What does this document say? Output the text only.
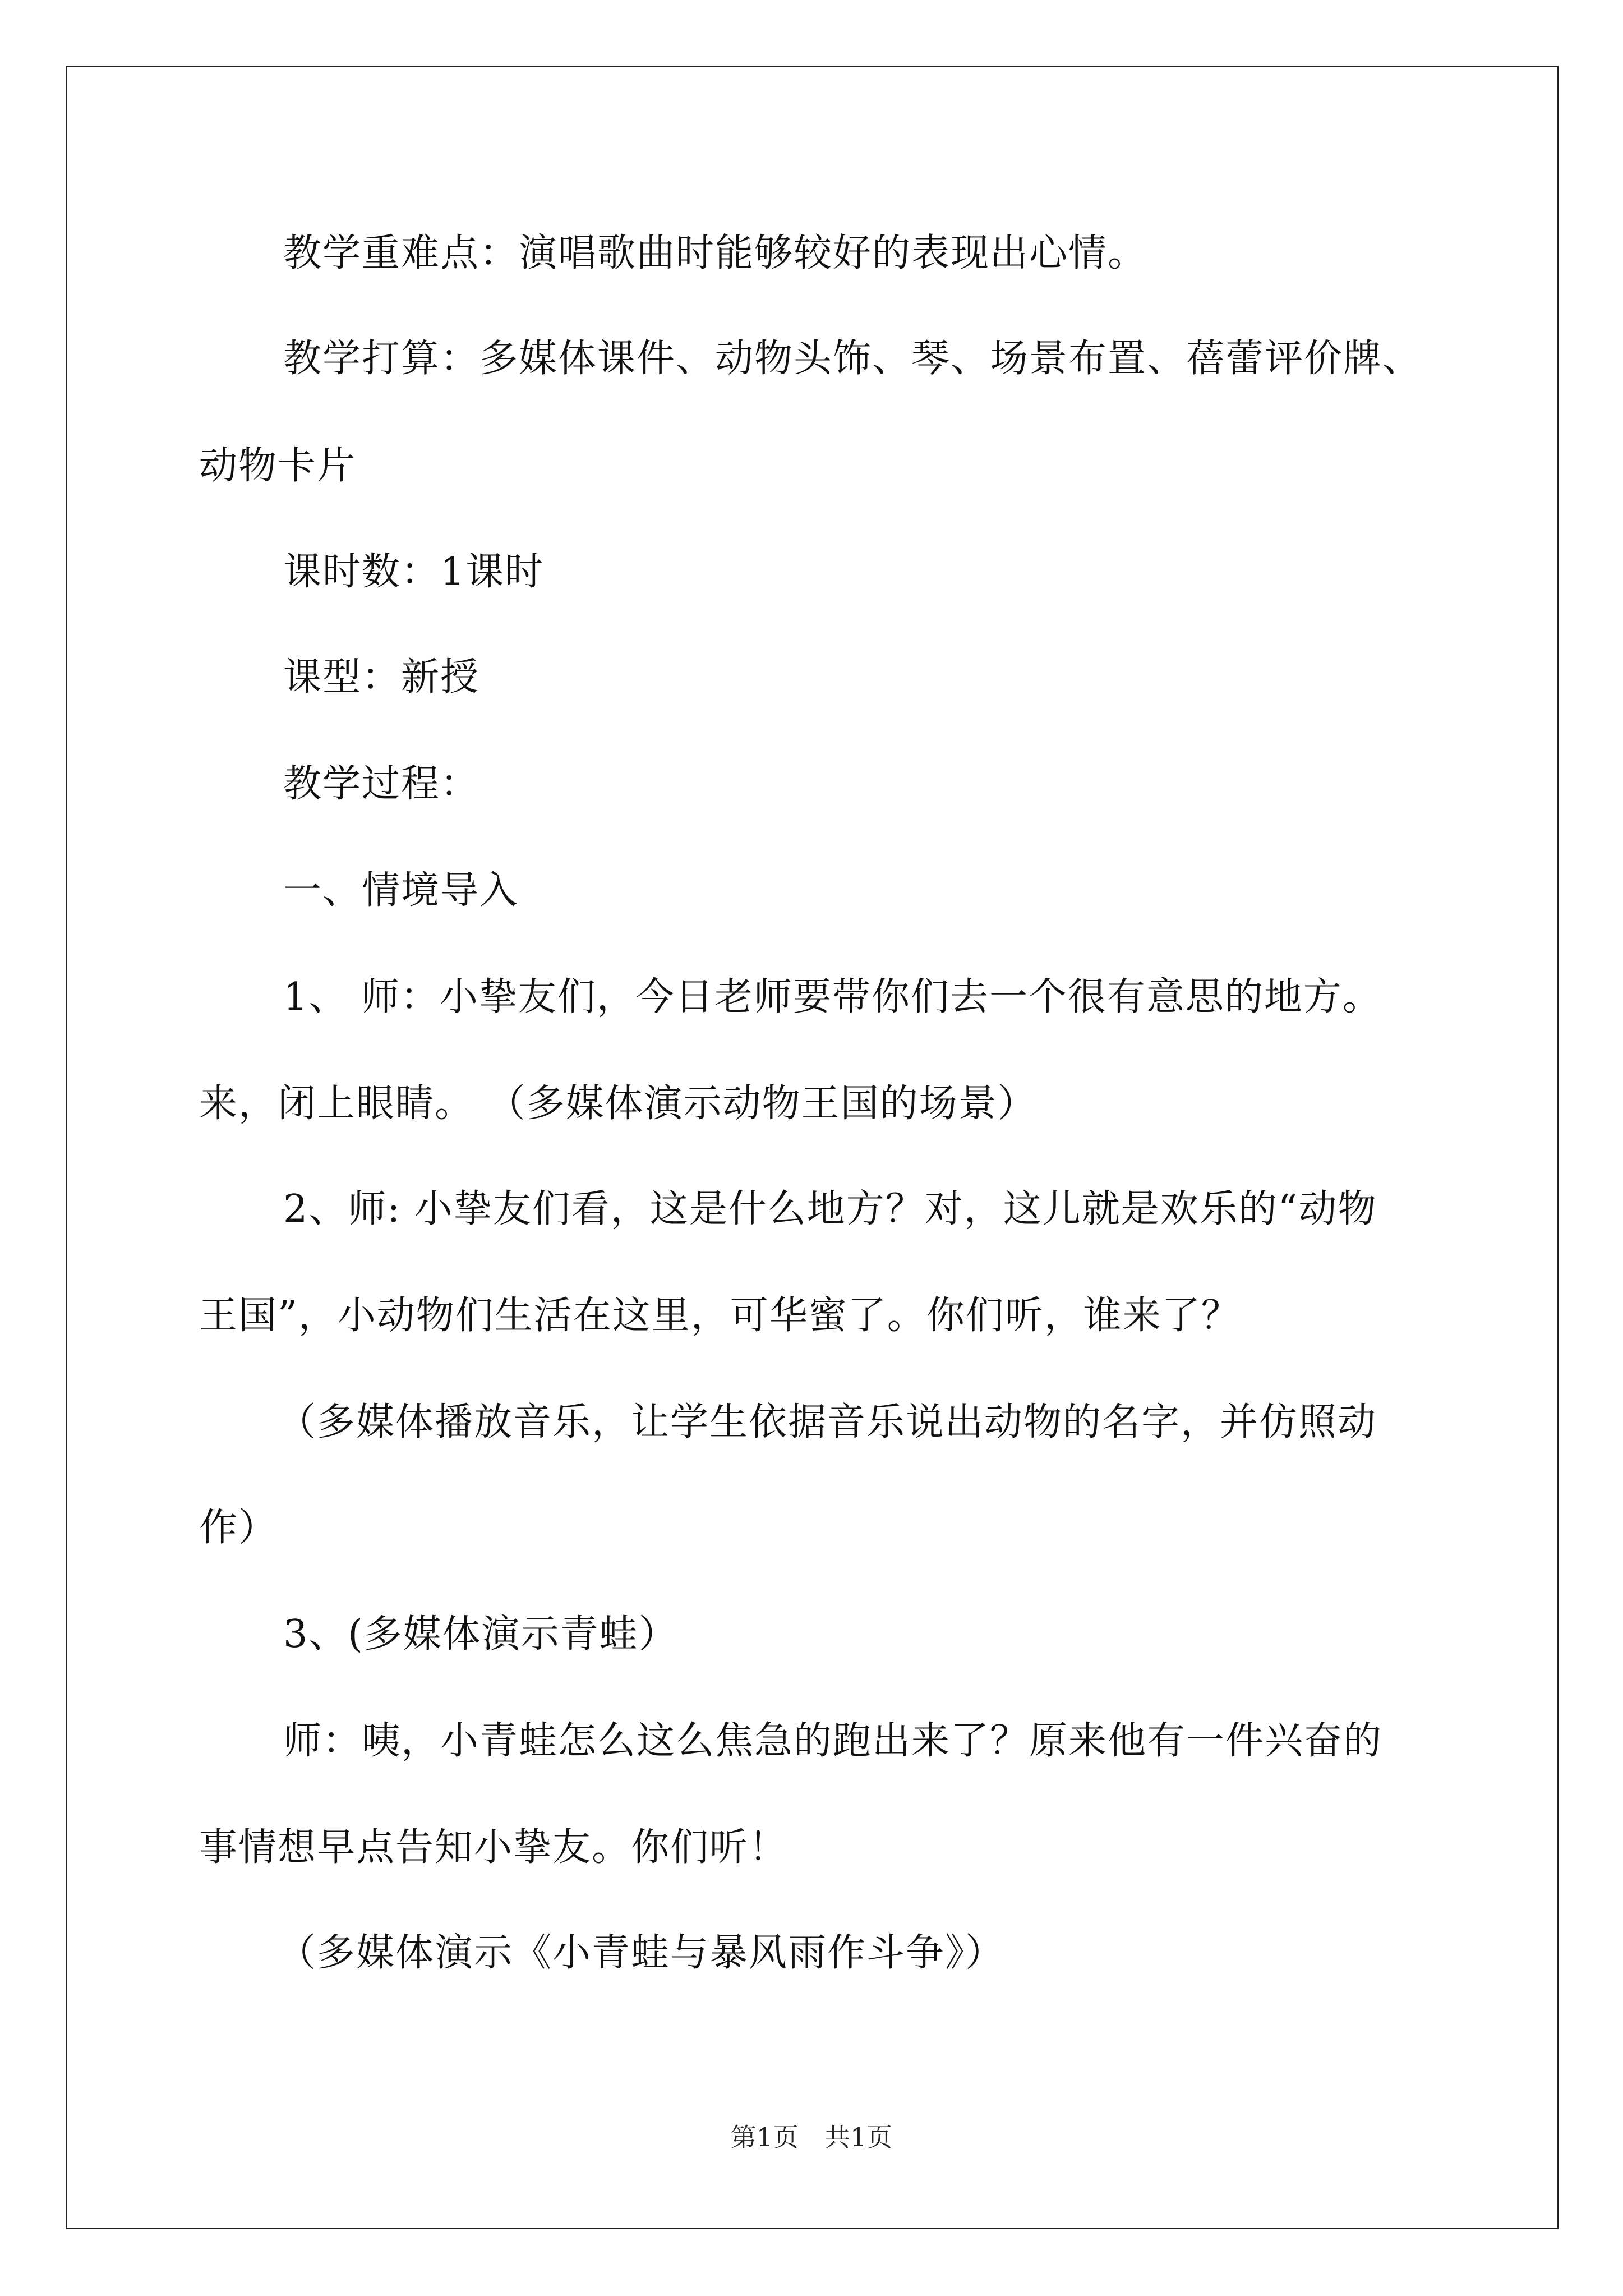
教学重难点：演唱歌曲时能够较好的表现出心情。
教学打算：多媒体课件、动物头饰、琴、场景布置、蓓蕾评价牌、
动物卡片
课时数：1课时
课型：新授
教学过程：
一、情境导入
1、 师：小挚友们，今日老师要带你们去一个很有意思的地方。
来，闭上眼睛。 （多媒体演示动物王国的场景）
2、师: 小挚友们看，这是什么地方？对，这儿就是欢乐的“动物
王国”，小动物们生活在这里，可华蜜了。你们听，谁来了？
（多媒体播放音乐，让学生依据音乐说出动物的名字，并仿照动
作）
3、(多媒体演示青蛙）
师：咦，小青蛙怎么这么焦急的跑出来了？原来他有一件兴奋的
事情想早点告知小挚友。你们听！
（多媒体演示《小青蛙与暴风雨作斗争》）
第1页　共1页
